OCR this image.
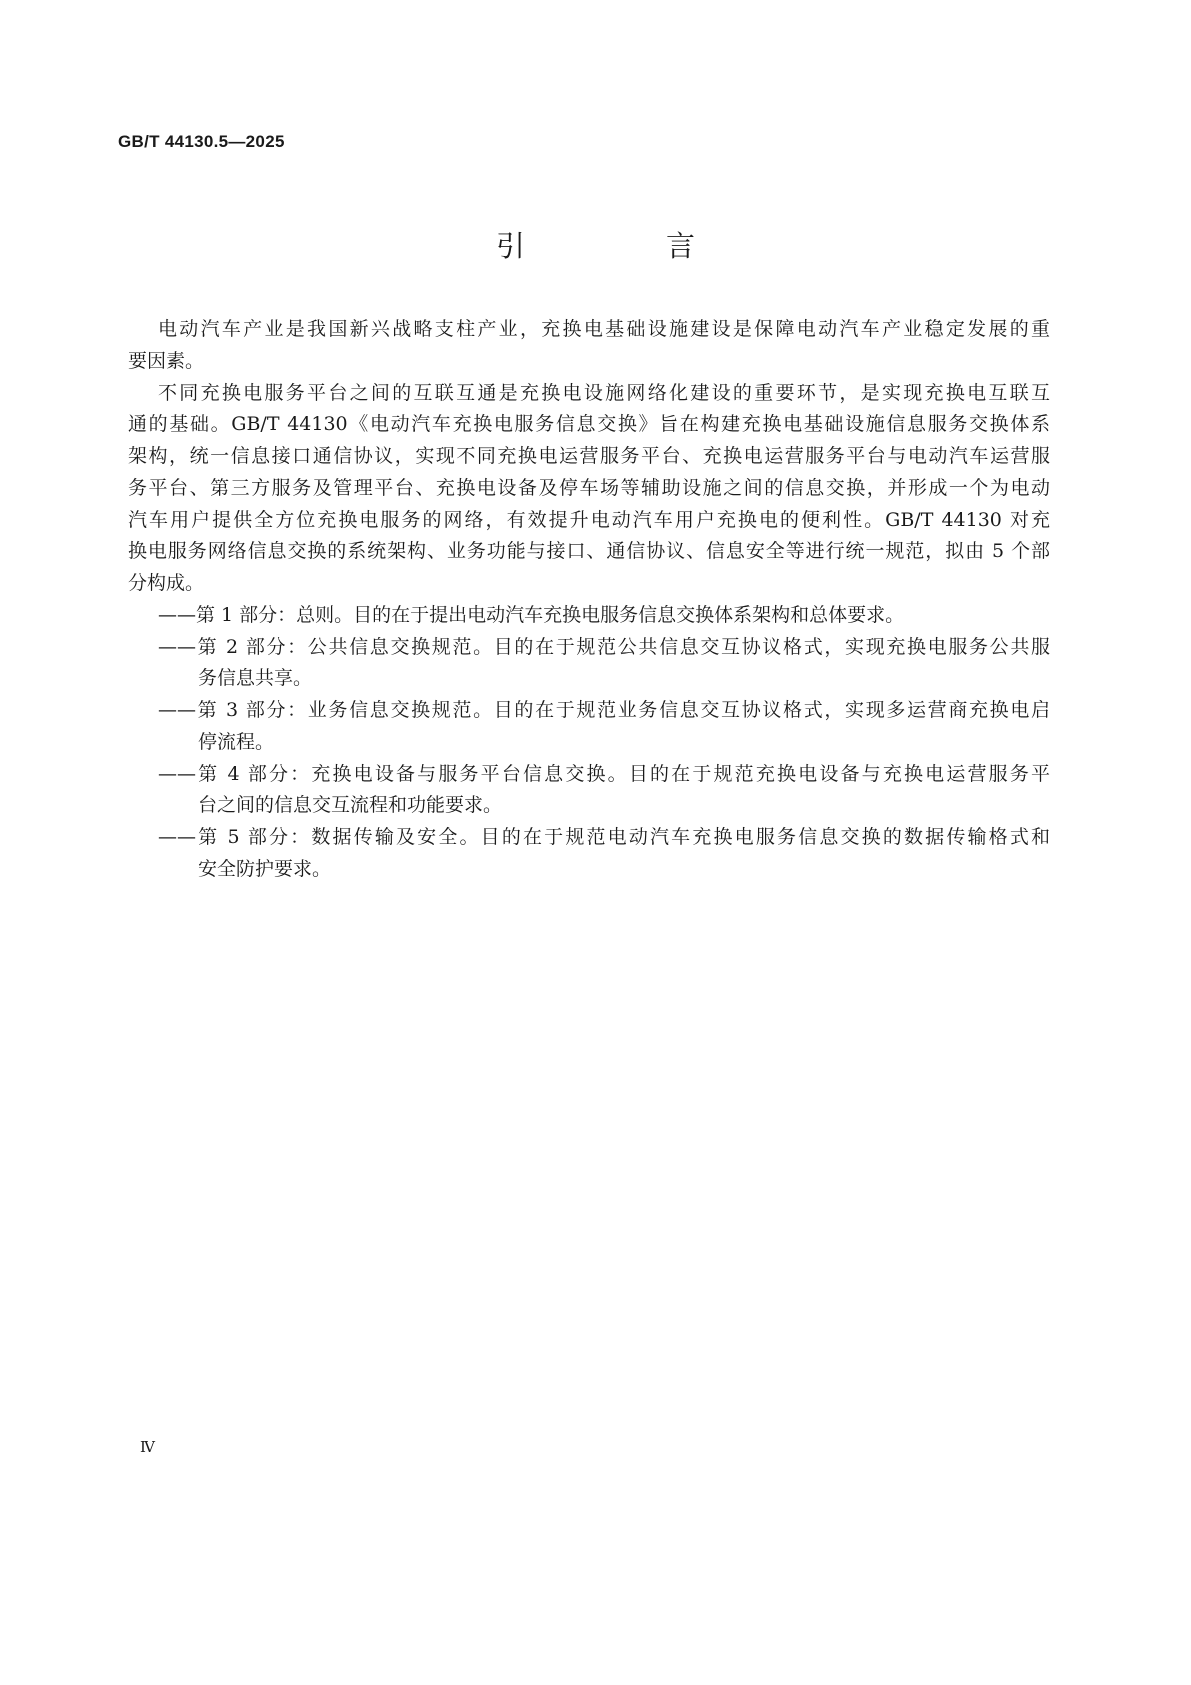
GB/T 44130.5—2025
引　言
电动汽车产业是我国新兴战略支柱产业，充换电基础设施建设是保障电动汽车产业稳定发展的重
要因素。
不同充换电服务平台之间的互联互通是充换电设施网络化建设的重要环节，是实现充换电互联互
通的基础。GB/T 44130《电动汽车充换电服务信息交换》旨在构建充换电基础设施信息服务交换体系
架构，统一信息接口通信协议，实现不同充换电运营服务平台、充换电运营服务平台与电动汽车运营服
务平台、第三方服务及管理平台、充换电设备及停车场等辅助设施之间的信息交换，并形成一个为电动
汽车用户提供全方位充换电服务的网络，有效提升电动汽车用户充换电的便利性。GB/T 44130 对充
换电服务网络信息交换的系统架构、业务功能与接口、通信协议、信息安全等进行统一规范，拟由 5 个部
分构成。
——第 1 部分：总则。目的在于提出电动汽车充换电服务信息交换体系架构和总体要求。
——第 2 部分：公共信息交换规范。目的在于规范公共信息交互协议格式，实现充换电服务公共服
务信息共享。
——第 3 部分：业务信息交换规范。目的在于规范业务信息交互协议格式，实现多运营商充换电启
停流程。
——第 4 部分：充换电设备与服务平台信息交换。目的在于规范充换电设备与充换电运营服务平
台之间的信息交互流程和功能要求。
——第 5 部分：数据传输及安全。目的在于规范电动汽车充换电服务信息交换的数据传输格式和
安全防护要求。
Ⅳ
